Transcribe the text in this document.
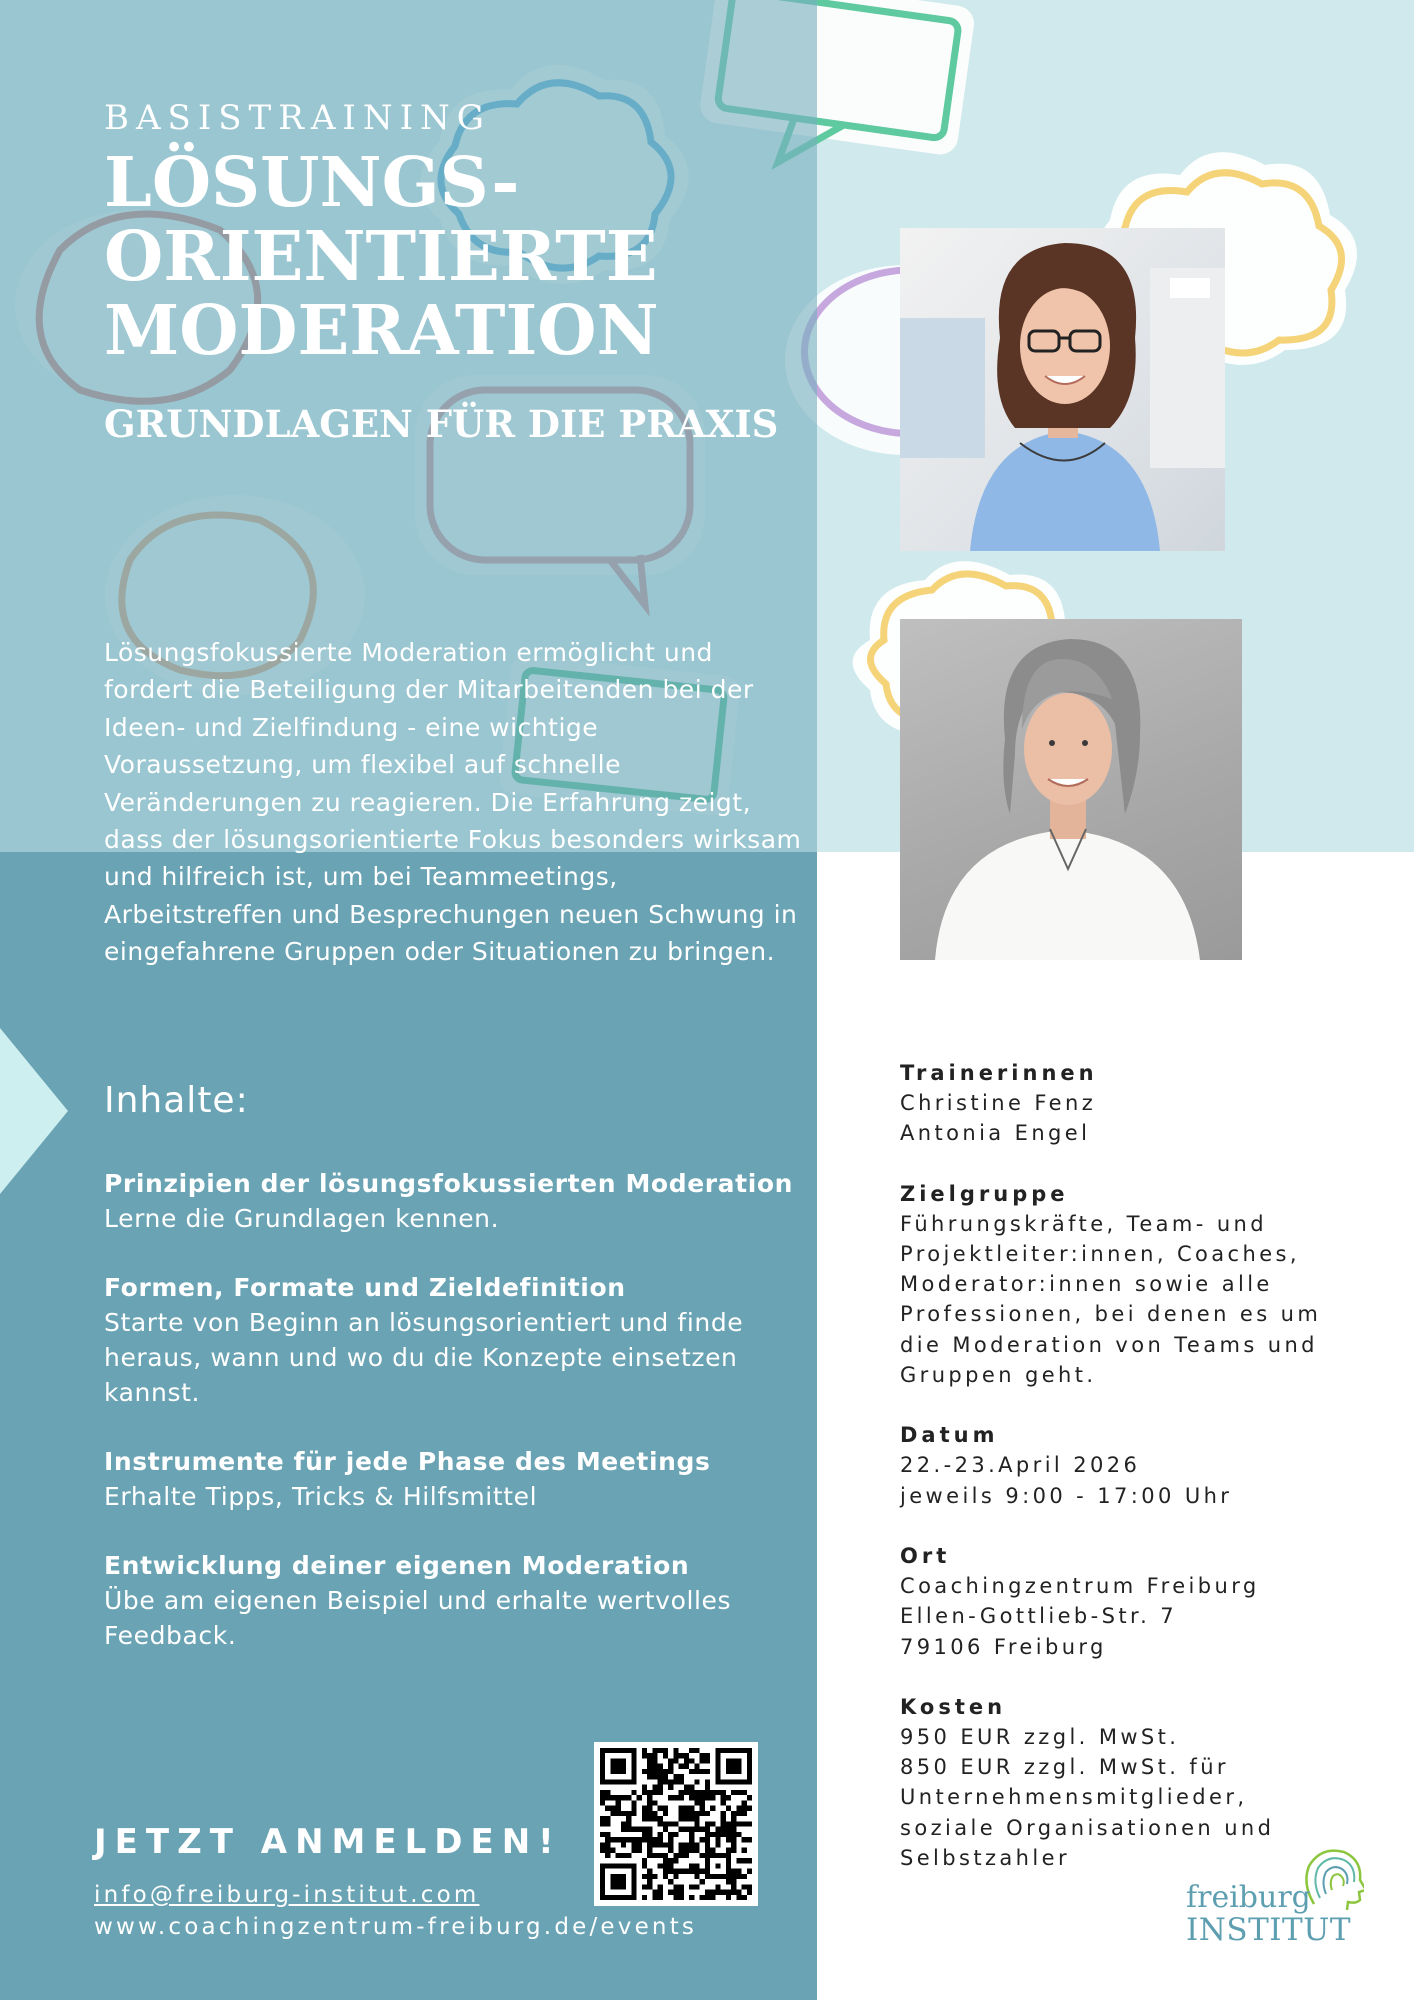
BASISTRAINING
LÖSUNGS-
ORIENTIERTE
MODERATION
GRUNDLAGEN FÜR DIE PRAXIS

Lösungsfokussierte Moderation ermöglicht und fordert die Beteiligung der Mitarbeitenden bei der Ideen- und Zielfindung - eine wichtige Voraussetzung, um flexibel auf schnelle Veränderungen zu reagieren. Die Erfahrung zeigt, dass der lösungsorientierte Fokus besonders wirksam und hilfreich ist, um bei Teammeetings, Arbeitstreffen und Besprechungen neuen Schwung in eingefahrene Gruppen oder Situationen zu bringen.

Inhalte:
Prinzipien der lösungsfokussierten Moderation
Lerne die Grundlagen kennen.
Formen, Formate und Zieldefinition
Starte von Beginn an lösungsorientiert und finde heraus, wann und wo du die Konzepte einsetzen kannst.
Instrumente für jede Phase des Meetings
Erhalte Tipps, Tricks & Hilfsmittel
Entwicklung deiner eigenen Moderation
Übe am eigenen Beispiel und erhalte wertvolles Feedback.
JETZT ANMELDEN!
info@freiburg-institut.com
www.coachingzentrum-freiburg.de/events
Trainerinnen
Christine Fenz
Antonia Engel
Zielgruppe
Führungskräfte, Team- und
Projektleiter:innen, Coaches,
Moderator:innen sowie alle
Professionen, bei denen es um
die Moderation von Teams und
Gruppen geht.
Datum
22.-23.April 2026
jeweils 9:00 - 17:00 Uhr
Ort
Coachingzentrum Freiburg
Ellen-Gottlieb-Str. 7
79106 Freiburg
Kosten
950 EUR zzgl. MwSt.
850 EUR zzgl. MwSt. für
Unternehmensmitglieder,
soziale Organisationen und
Selbstzahler
freiburg
INSTITUT
